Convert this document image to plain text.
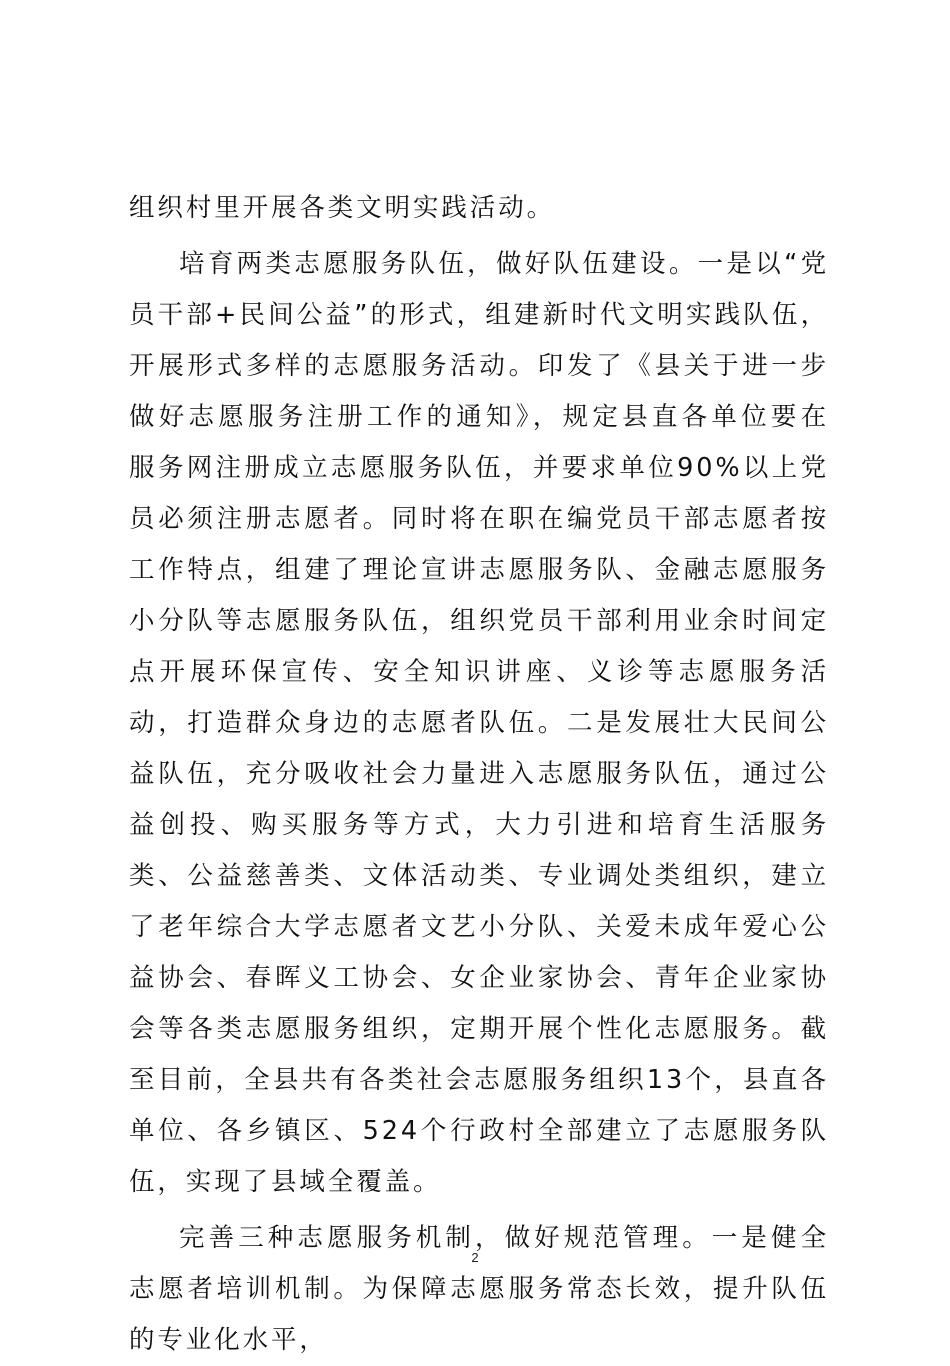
组织村里开展各类文明实践活动。

培育两类志愿服务队伍，做好队伍建设。一是以“党员干部+民间公益”的形式，组建新时代文明实践队伍，开展形式多样的志愿服务活动。印发了《县关于进一步做好志愿服务注册工作的通知》，规定县直各单位要在　服务网注册成立志愿服务队伍，并要求单位90%以上党员必须注册志愿者。同时将在职在编党员干部志愿者按工作特点，组建了理论宣讲志愿服务队、金融志愿服务小分队等志愿服务队伍，组织党员干部利用业余时间定点开展环保宣传、安全知识讲座、义诊等志愿服务活动，打造群众身边的志愿者队伍。二是发展壮大民间公益队伍，充分吸收社会力量进入志愿服务队伍，通过公益创投、购买服务等方式，大力引进和培育生活服务类、公益慈善类、文体活动类、专业调处类组织，建立了老年综合大学志愿者文艺小分队、关爱未成年爱心公益协会、春晖义工协会、女企业家协会、青年企业家协会等各类志愿服务组织，定期开展个性化志愿服务。截至目前，全县共有各类社会志愿服务组织13个，县直各单位、各乡镇区、524个行政村全部建立了志愿服务队伍，实现了县域全覆盖。

完善三种志愿服务机制，做好规范管理。一是健全志愿者培训机制。为保障志愿服务常态长效，提升队伍的专业化水平，

2
